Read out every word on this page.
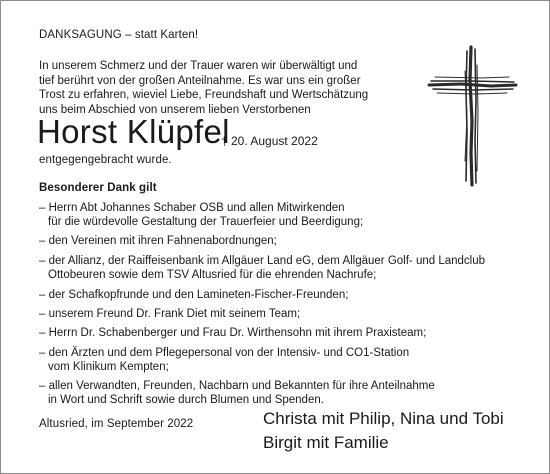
DANKSAGUNG – statt Karten!
In unserem Schmerz und der Trauer waren wir überwältigt und
tief berührt von der großen Anteilnahme. Es war uns ein großer
Trost zu erfahren, wieviel Liebe, Freundshaft und Wertschätzung
uns beim Abschied von unserem lieben Verstorbenen
Horst Klüpfel
† 20. August 2022
entgegengebracht wurde.
Besonderer Dank gilt
– Herrn Abt Johannes Schaber OSB und allen Mitwirkenden
für die würdevolle Gestaltung der Trauerfeier und Beerdigung;
– den Vereinen mit ihren Fahnenabordnungen;
– der Allianz, der Raiffeisenbank im Allgäuer Land eG, dem Allgäuer Golf- und Landclub
Ottobeuren sowie dem TSV Altusried für die ehrenden Nachrufe;
– der Schafkopfrunde und den Lamineten-Fischer-Freunden;
– unserem Freund Dr. Frank Diet mit seinem Team;
– Herrn Dr. Schabenberger und Frau Dr. Wirthensohn mit ihrem Praxisteam;
– den Ärzten und dem Pflegepersonal von der Intensiv- und CO1-Station
vom Klinikum Kempten;
– allen Verwandten, Freunden, Nachbarn und Bekannten für ihre Anteilnahme
in Wort und Schrift sowie durch Blumen und Spenden.
Altusried, im September 2022	Christa mit Philip, Nina und Tobi
Birgit mit Familie
